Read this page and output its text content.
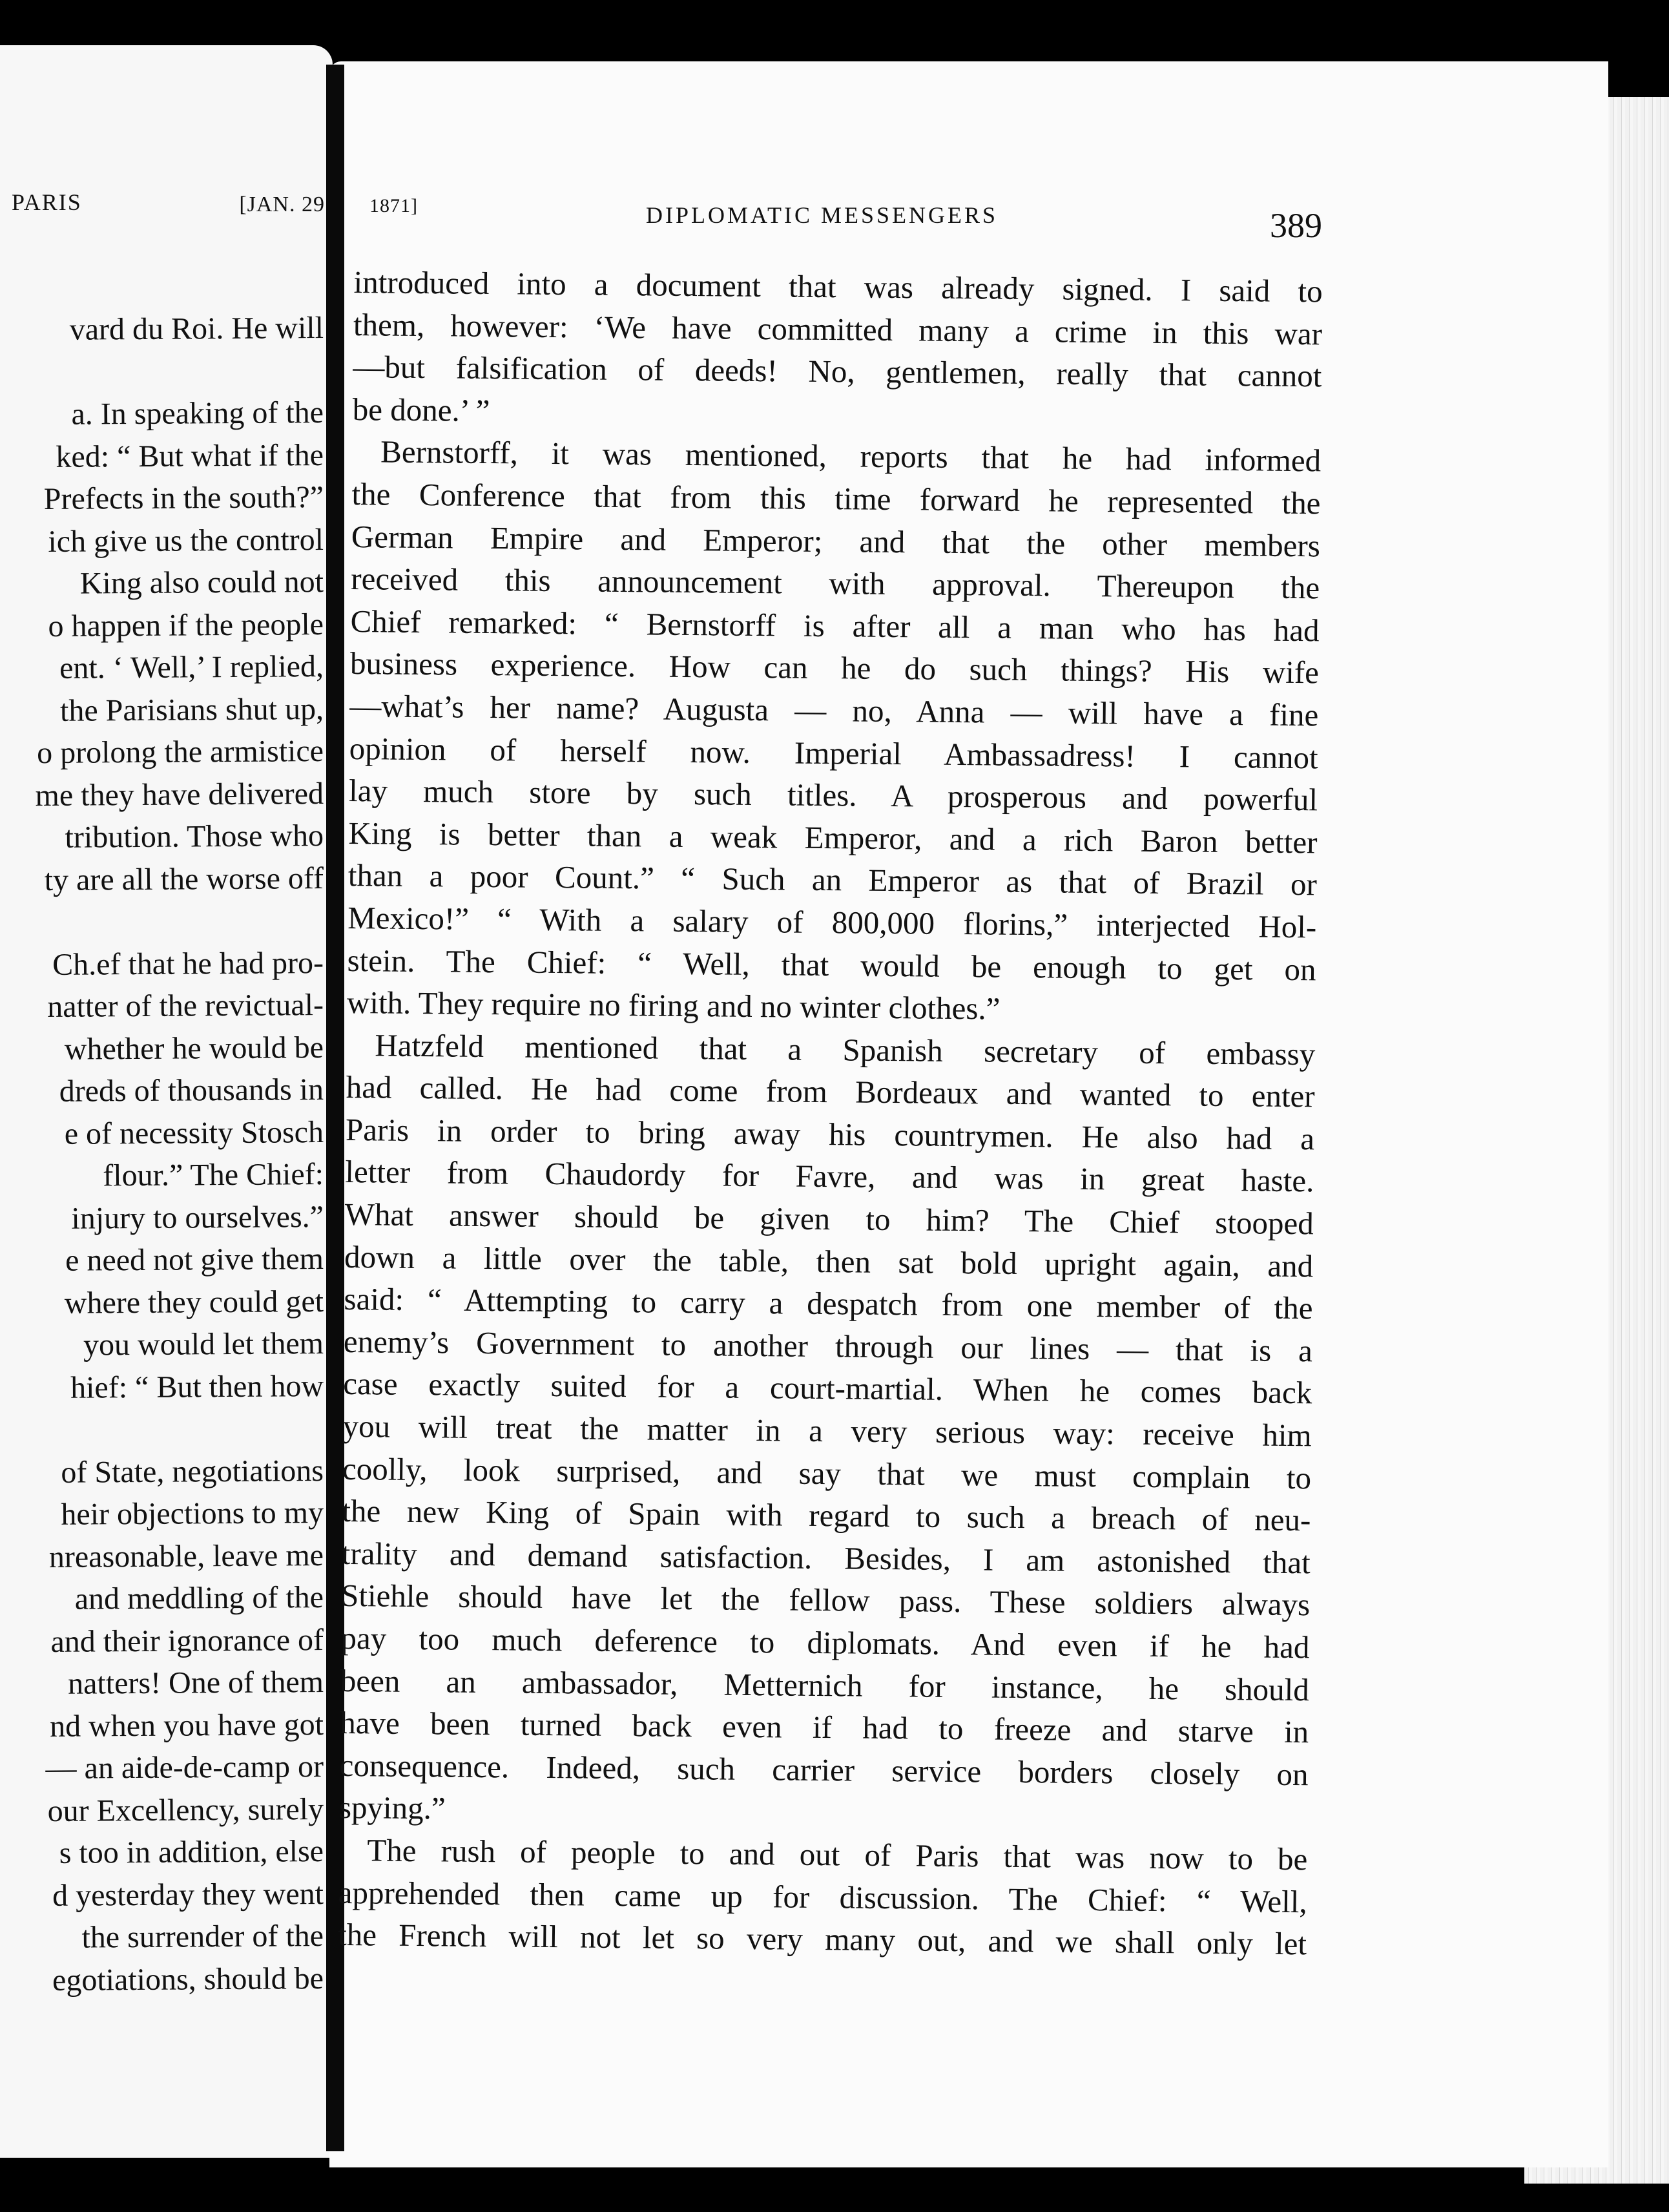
PARIS	[JAN. 29
vard du Roi. He will
a. In speaking of the
ked: “ But what if the
Prefects in the south?”
ich give us the control
King also could not
o happen if the people
ent. ‘ Well,’ I replied,
the Parisians shut up,
o prolong the armistice
me they have delivered
tribution. Those who
ty are all the worse off
Ch.ef that he had pro-
natter of the revictual-
whether he would be
dreds of thousands in
e of necessity Stosch
flour.” The Chief:
injury to ourselves.”
e need not give them
where they could get
you would let them
hief: “ But then how
of State, negotiations
heir objections to my
nreasonable, leave me
and meddling of the
and their ignorance of
natters! One of them
nd when you have got
— an aide-de-camp or
our Excellency, surely
s too in addition, else
d yesterday they went
the surrender of the
egotiations, should be
1871]	DIPLOMATIC MESSENGERS	389
introduced into a document that was already signed. I said to
them, however: ‘We have committed many a crime in this war
—but falsification of deeds! No, gentlemen, really that cannot
be done.’ ”
Bernstorff, it was mentioned, reports that he had informed
the Conference that from this time forward he represented the
German Empire and Emperor; and that the other members
received this announcement with approval. Thereupon the
Chief remarked: “ Bernstorff is after all a man who has had
business experience. How can he do such things? His wife
—what’s her name? Augusta — no, Anna — will have a fine
opinion of herself now. Imperial Ambassadress! I cannot
lay much store by such titles. A prosperous and powerful
King is better than a weak Emperor, and a rich Baron better
than a poor Count.” “ Such an Emperor as that of Brazil or
Mexico!” “ With a salary of 800,000 florins,” interjected Hol-
stein. The Chief: “ Well, that would be enough to get on
with. They require no firing and no winter clothes.”
Hatzfeld mentioned that a Spanish secretary of embassy
had called. He had come from Bordeaux and wanted to enter
Paris in order to bring away his countrymen. He also had a
letter from Chaudordy for Favre, and was in great haste.
What answer should be given to him? The Chief stooped
down a little over the table, then sat bold upright again, and
said: “ Attempting to carry a despatch from one member of the
enemy’s Government to another through our lines — that is a
case exactly suited for a court-martial. When he comes back
you will treat the matter in a very serious way: receive him
coolly, look surprised, and say that we must complain to
the new King of Spain with regard to such a breach of neu-
trality and demand satisfaction. Besides, I am astonished that
Stiehle should have let the fellow pass. These soldiers always
pay too much deference to diplomats. And even if he had
been an ambassador, Metternich for instance, he should
have been turned back even if had to freeze and starve in
consequence. Indeed, such carrier service borders closely on
spying.”
The rush of people to and out of Paris that was now to be
apprehended then came up for discussion. The Chief: “ Well,
the French will not let so very many out, and we shall only let
